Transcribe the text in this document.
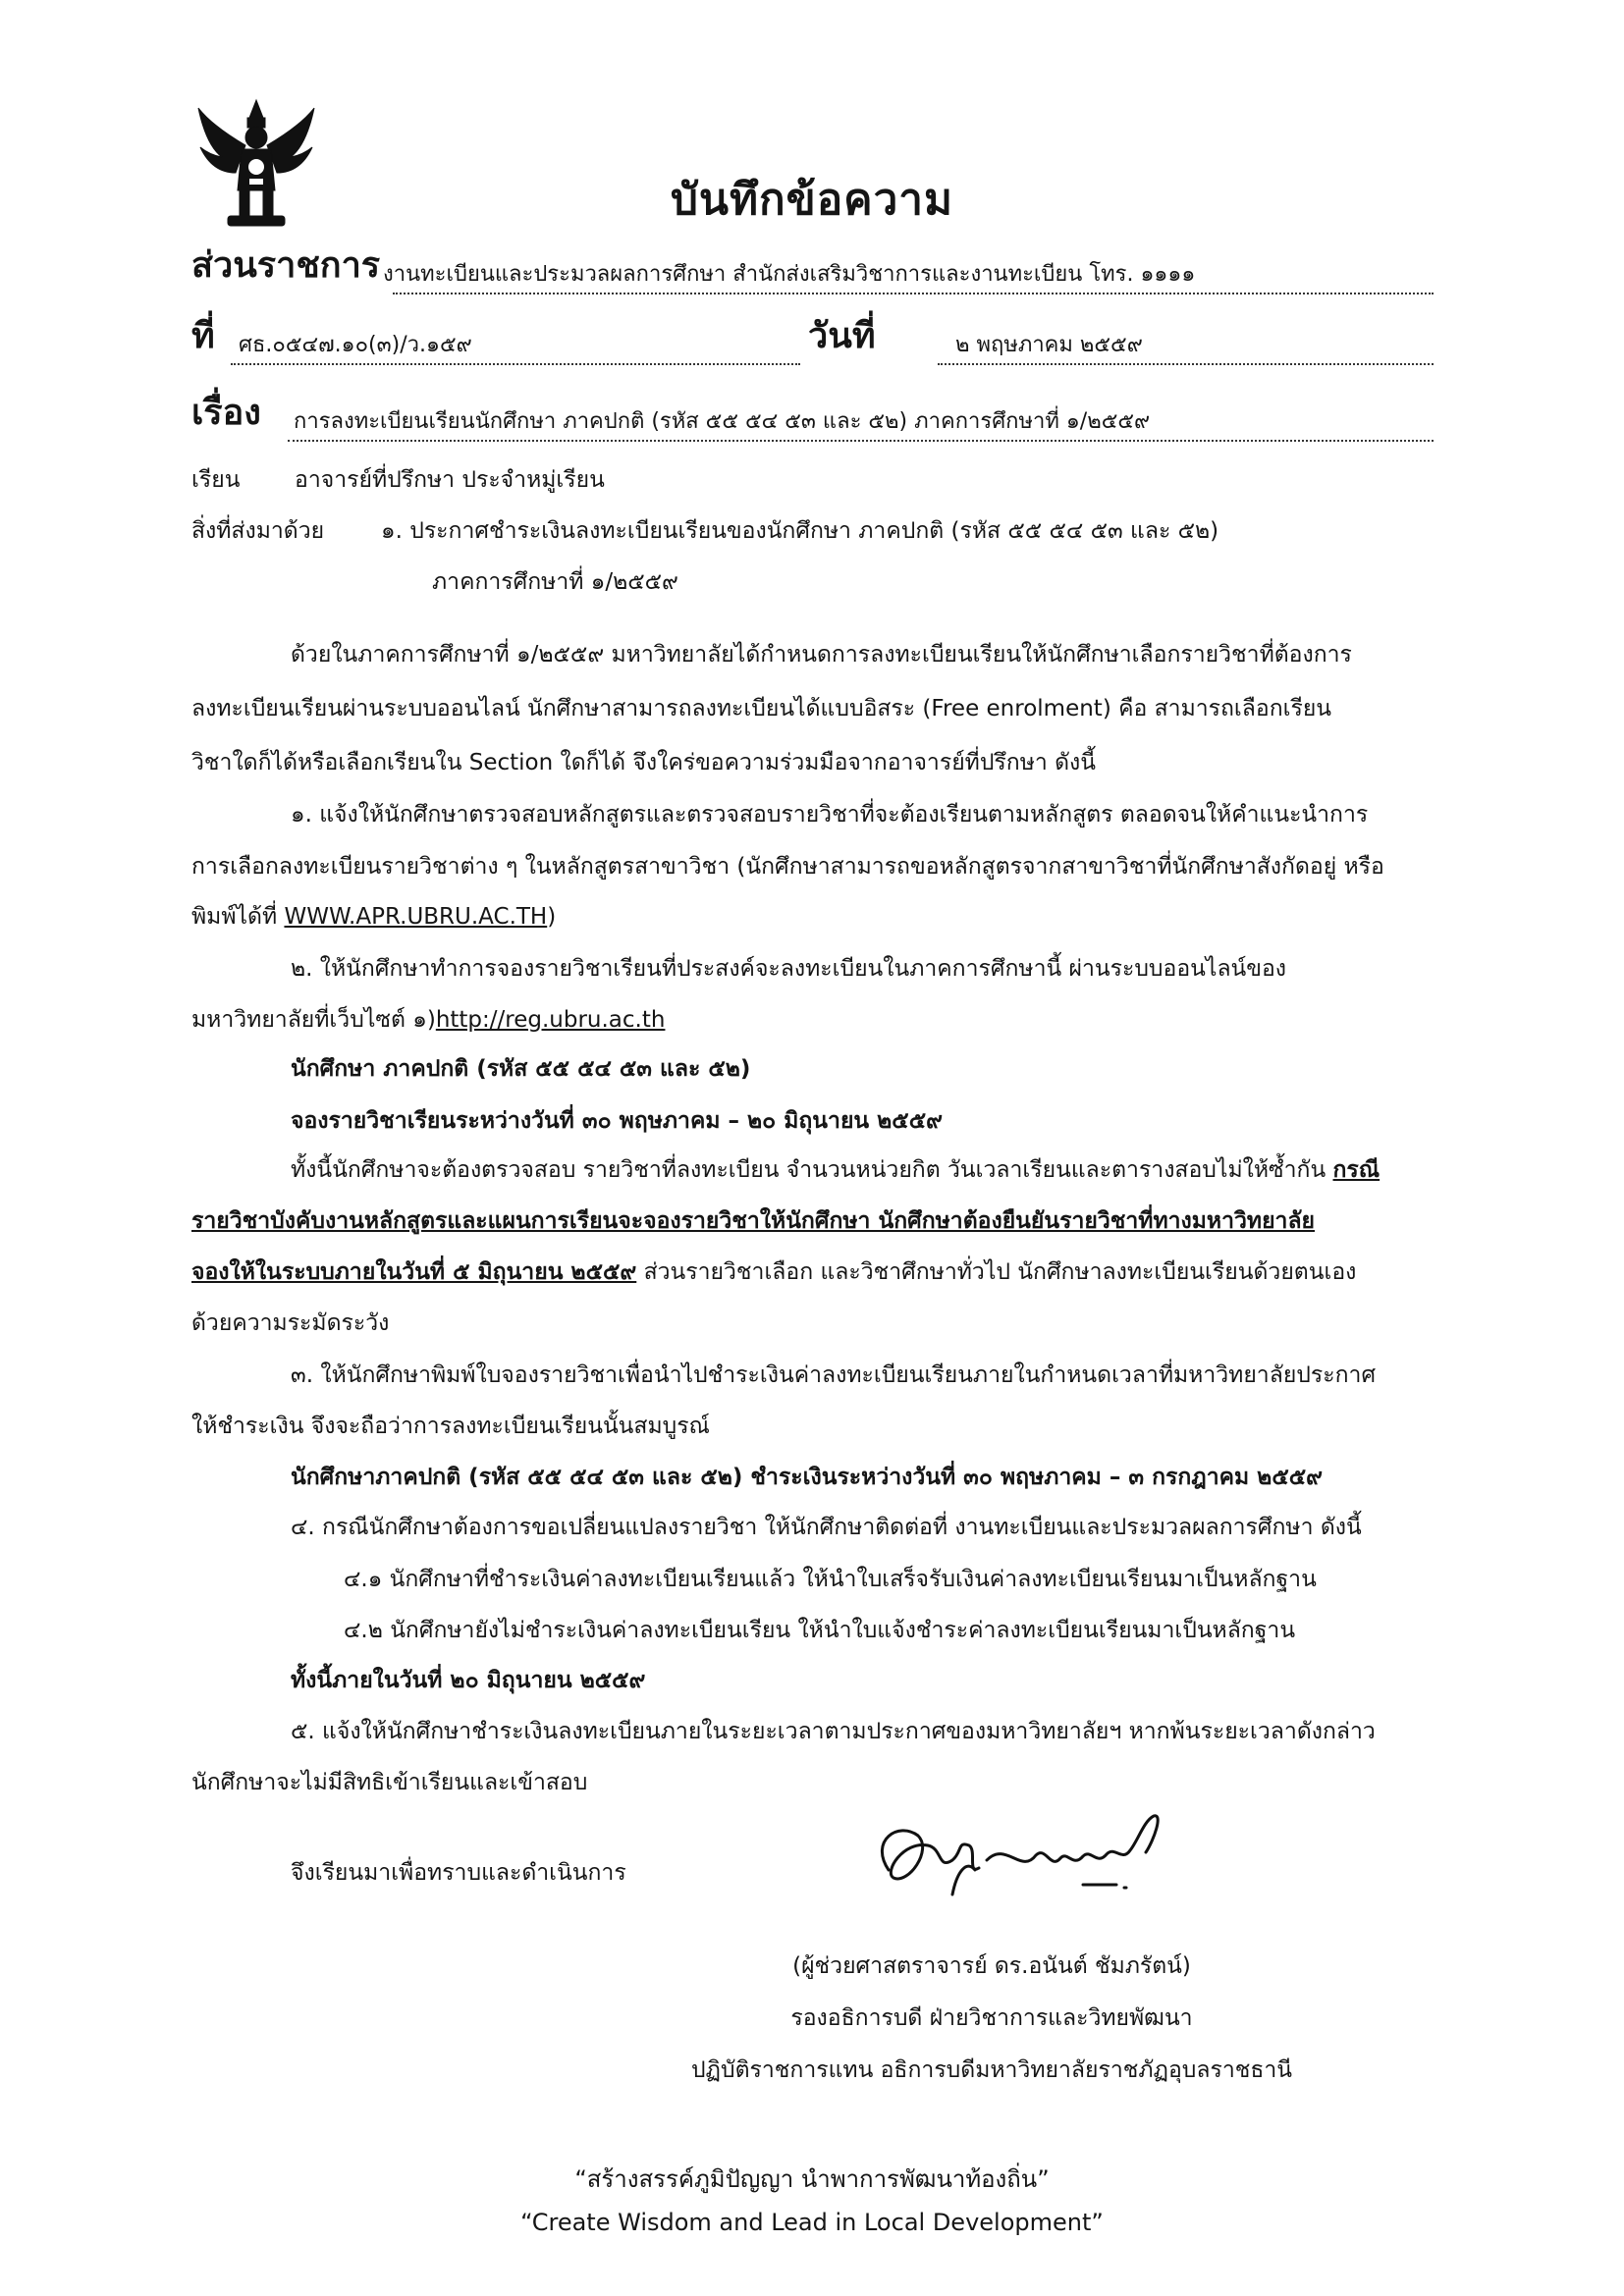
บันทึกข้อความ
ส่วนราชการ งานทะเบียนและประมวลผลการศึกษา สำนักส่งเสริมวิชาการและงานทะเบียน โทร. ๑๑๑๑
ที่ ศธ.๐๕๔๗.๑๐(๓)/ว.๑๕๙	วันที่	๒ พฤษภาคม ๒๕๕๙
เรื่อง การลงทะเบียนเรียนนักศึกษา ภาคปกติ (รหัส ๕๕ ๕๔ ๕๓ และ ๕๒) ภาคการศึกษาที่ ๑/๒๕๕๙
เรียน อาจารย์ที่ปรึกษา ประจำหมู่เรียน
สิ่งที่ส่งมาด้วย	๑. ประกาศชำระเงินลงทะเบียนเรียนของนักศึกษา ภาคปกติ (รหัส ๕๕ ๕๔ ๕๓ และ ๕๒)
ภาคการศึกษาที่ ๑/๒๕๕๙
ด้วยในภาคการศึกษาที่ ๑/๒๕๕๙ มหาวิทยาลัยได้กำหนดการลงทะเบียนเรียนให้นักศึกษาเลือกรายวิชาที่ต้องการ
ลงทะเบียนเรียนผ่านระบบออนไลน์ นักศึกษาสามารถลงทะเบียนได้แบบอิสระ (Free enrolment) คือ สามารถเลือกเรียน
วิชาใดก็ได้หรือเลือกเรียนใน Section ใดก็ได้ จึงใคร่ขอความร่วมมือจากอาจารย์ที่ปรึกษา ดังนี้
๑. แจ้งให้นักศึกษาตรวจสอบหลักสูตรและตรวจสอบรายวิชาที่จะต้องเรียนตามหลักสูตร ตลอดจนให้คำแนะนำการ
การเลือกลงทะเบียนรายวิชาต่าง ๆ ในหลักสูตรสาขาวิชา (นักศึกษาสามารถขอหลักสูตรจากสาขาวิชาที่นักศึกษาสังกัดอยู่ หรือ
พิมพ์ได้ที่ WWW.APR.UBRU.AC.TH)
๒. ให้นักศึกษาทำการจองรายวิชาเรียนที่ประสงค์จะลงทะเบียนในภาคการศึกษานี้ ผ่านระบบออนไลน์ของ
มหาวิทยาลัยที่เว็บไซต์ ๑)http://reg.ubru.ac.th
นักศึกษา ภาคปกติ (รหัส ๕๕ ๕๔ ๕๓ และ ๕๒)
จองรายวิชาเรียนระหว่างวันที่ ๓๐ พฤษภาคม – ๒๐ มิถุนายน ๒๕๕๙
ทั้งนี้นักศึกษาจะต้องตรวจสอบ รายวิชาที่ลงทะเบียน จำนวนหน่วยกิต วันเวลาเรียนและตารางสอบไม่ให้ซ้ำกัน กรณี
รายวิชาบังคับงานหลักสูตรและแผนการเรียนจะจองรายวิชาให้นักศึกษา นักศึกษาต้องยืนยันรายวิชาที่ทางมหาวิทยาลัย
จองให้ในระบบภายในวันที่ ๕ มิถุนายน ๒๕๕๙ ส่วนรายวิชาเลือก และวิชาศึกษาทั่วไป นักศึกษาลงทะเบียนเรียนด้วยตนเอง
ด้วยความระมัดระวัง
๓. ให้นักศึกษาพิมพ์ใบจองรายวิชาเพื่อนำไปชำระเงินค่าลงทะเบียนเรียนภายในกำหนดเวลาที่มหาวิทยาลัยประกาศ
ให้ชำระเงิน จึงจะถือว่าการลงทะเบียนเรียนนั้นสมบูรณ์
นักศึกษาภาคปกติ (รหัส ๕๕ ๕๔ ๕๓ และ ๕๒) ชำระเงินระหว่างวันที่ ๓๐ พฤษภาคม – ๓ กรกฎาคม ๒๕๕๙
๔. กรณีนักศึกษาต้องการขอเปลี่ยนแปลงรายวิชา ให้นักศึกษาติดต่อที่ งานทะเบียนและประมวลผลการศึกษา ดังนี้
๔.๑ นักศึกษาที่ชำระเงินค่าลงทะเบียนเรียนแล้ว ให้นำใบเสร็จรับเงินค่าลงทะเบียนเรียนมาเป็นหลักฐาน
๔.๒ นักศึกษายังไม่ชำระเงินค่าลงทะเบียนเรียน ให้นำใบแจ้งชำระค่าลงทะเบียนเรียนมาเป็นหลักฐาน
ทั้งนี้ภายในวันที่ ๒๐ มิถุนายน ๒๕๕๙
๕. แจ้งให้นักศึกษาชำระเงินลงทะเบียนภายในระยะเวลาตามประกาศของมหาวิทยาลัยฯ หากพ้นระยะเวลาดังกล่าว
นักศึกษาจะไม่มีสิทธิเข้าเรียนและเข้าสอบ
จึงเรียนมาเพื่อทราบและดำเนินการ
(ผู้ช่วยศาสตราจารย์ ดร.อนันต์ ชัมภรัตน์)
รองอธิการบดี ฝ่ายวิชาการและวิทยพัฒนา
ปฏิบัติราชการแทน อธิการบดีมหาวิทยาลัยราชภัฏอุบลราชธานี
“สร้างสรรค์ภูมิปัญญา นำพาการพัฒนาท้องถิ่น”
“Create Wisdom and Lead in Local Development”
